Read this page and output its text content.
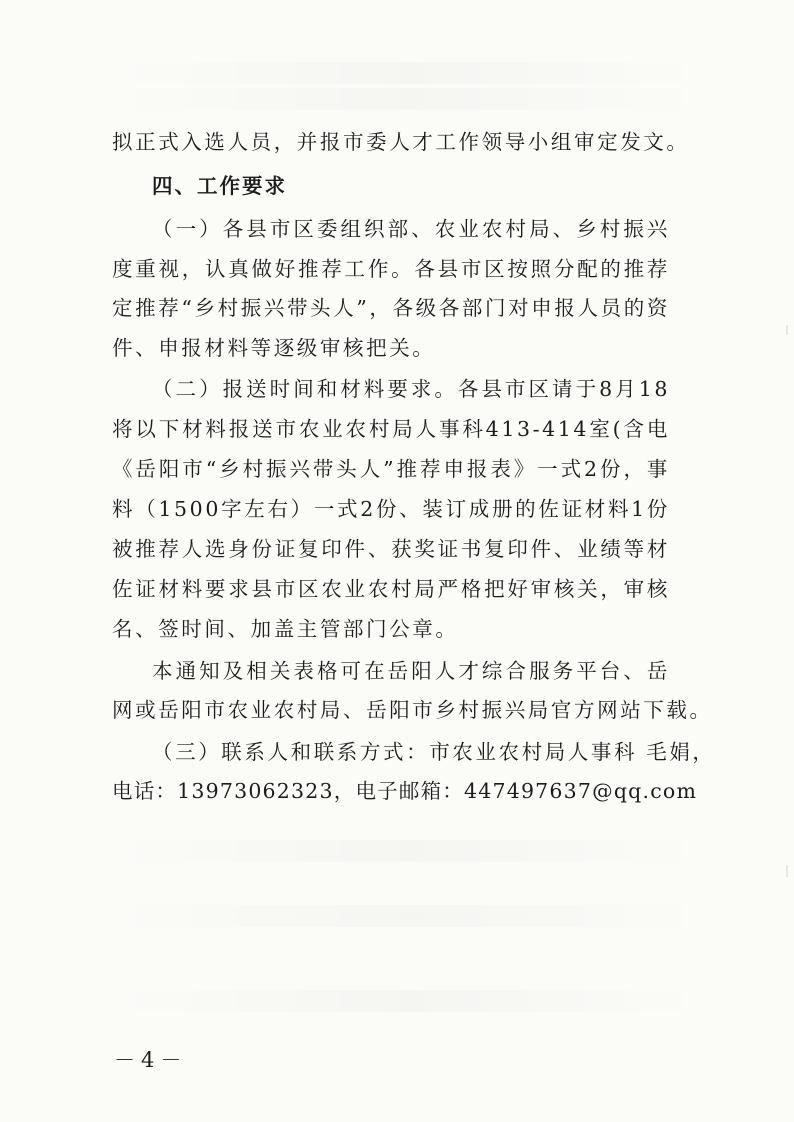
拟正式入选人员，并报市委人才工作领导小组审定发文。
四、工作要求
（一）各县市区委组织部、农业农村局、乡村振兴
度重视，认真做好推荐工作。各县市区按照分配的推荐
定推荐“乡村振兴带头人”，各级各部门对申报人员的资
件、申报材料等逐级审核把关。
（二）报送时间和材料要求。各县市区请于8月18
将以下材料报送市农业农村局人事科413-414室(含电
《岳阳市“乡村振兴带头人”推荐申报表》一式2份，事
料（1500字左右）一式2份、装订成册的佐证材料1份
被推荐人选身份证复印件、获奖证书复印件、业绩等材
佐证材料要求县市区农业农村局严格把好审核关，审核
名、签时间、加盖主管部门公章。
本通知及相关表格可在岳阳人才综合服务平台、岳
网或岳阳市农业农村局、岳阳市乡村振兴局官方网站下载。
（三）联系人和联系方式：市农业农村局人事科 毛娟，
电话：13973062323，电子邮箱：447497637@qq.com
－4－
